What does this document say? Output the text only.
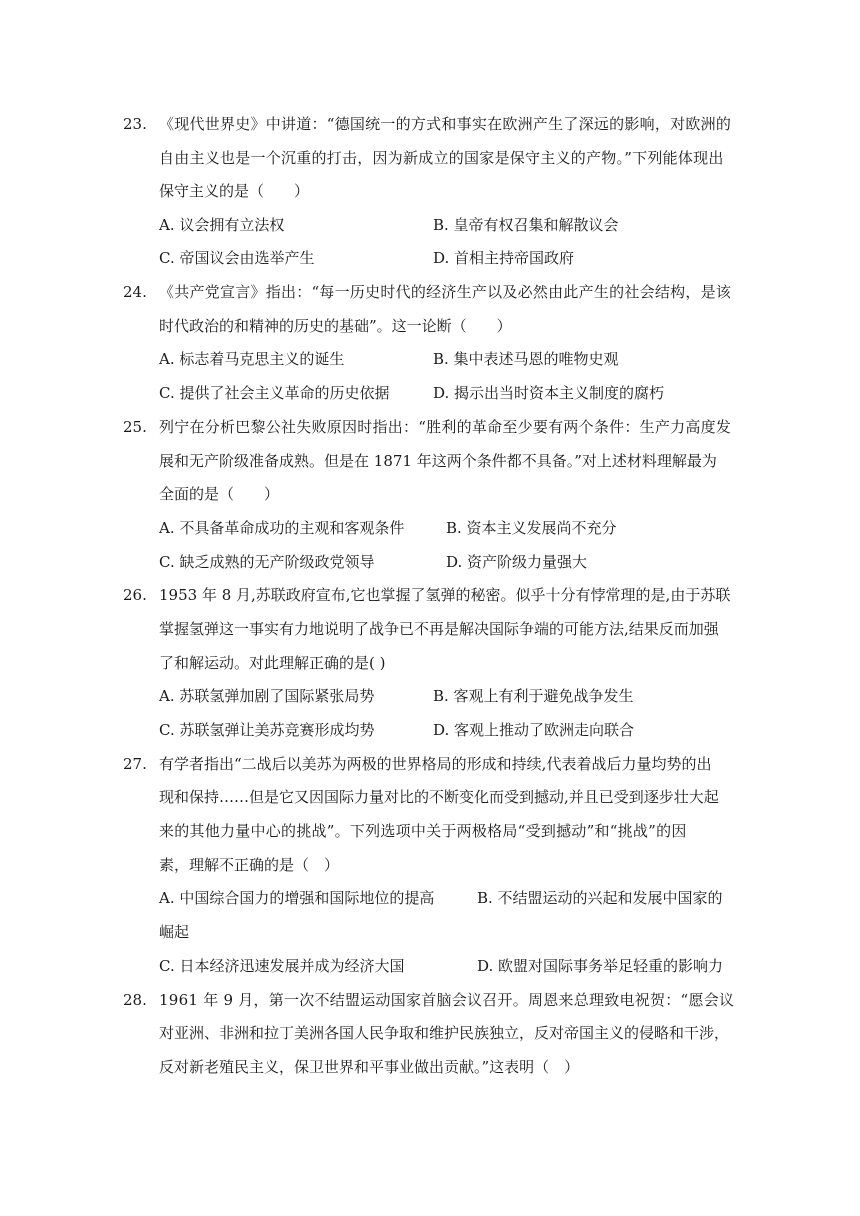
23. 《现代世界史》中讲道：“德国统一的方式和事实在欧洲产生了深远的影响，对欧洲的
自由主义也是一个沉重的打击，因为新成立的国家是保守主义的产物。”下列能体现出
保守主义的是（　　）
A. 议会拥有立法权	B. 皇帝有权召集和解散议会
C. 帝国议会由选举产生	D. 首相主持帝国政府
24. 《共产党宣言》指出：“每一历史时代的经济生产以及必然由此产生的社会结构，是该
时代政治的和精神的历史的基础”。这一论断（　　）
A. 标志着马克思主义的诞生	B. 集中表述马恩的唯物史观
C. 提供了社会主义革命的历史依据	D. 揭示出当时资本主义制度的腐朽
25. 列宁在分析巴黎公社失败原因时指出：“胜利的革命至少要有两个条件：生产力高度发
展和无产阶级准备成熟。但是在 1871 年这两个条件都不具备。”对上述材料理解最为
全面的是（　　）
A. 不具备革命成功的主观和客观条件	B. 资本主义发展尚不充分
C. 缺乏成熟的无产阶级政党领导	D. 资产阶级力量强大
26. 1953 年 8 月,苏联政府宣布,它也掌握了氢弹的秘密。似乎十分有悖常理的是,由于苏联
掌握氢弹这一事实有力地说明了战争已不再是解决国际争端的可能方法,结果反而加强
了和解运动。对此理解正确的是( )
A. 苏联氢弹加剧了国际紧张局势	B. 客观上有利于避免战争发生
C. 苏联氢弹让美苏竞赛形成均势	D. 客观上推动了欧洲走向联合
27. 有学者指出“二战后以美苏为两极的世界格局的形成和持续,代表着战后力量均势的出
现和保持……但是它又因国际力量对比的不断变化而受到撼动,并且已受到逐步壮大起
来的其他力量中心的挑战”。下列选项中关于两极格局“受到撼动”和“挑战”的因
素，理解不正确的是（　）
A. 中国综合国力的增强和国际地位的提高	B. 不结盟运动的兴起和发展中国家的
崛起
C. 日本经济迅速发展并成为经济大国	D. 欧盟对国际事务举足轻重的影响力
28. 1961 年 9 月，第一次不结盟运动国家首脑会议召开。周恩来总理致电祝贺：“愿会议
对亚洲、非洲和拉丁美洲各国人民争取和维护民族独立，反对帝国主义的侵略和干涉，
反对新老殖民主义，保卫世界和平事业做出贡献。”这表明（　）
